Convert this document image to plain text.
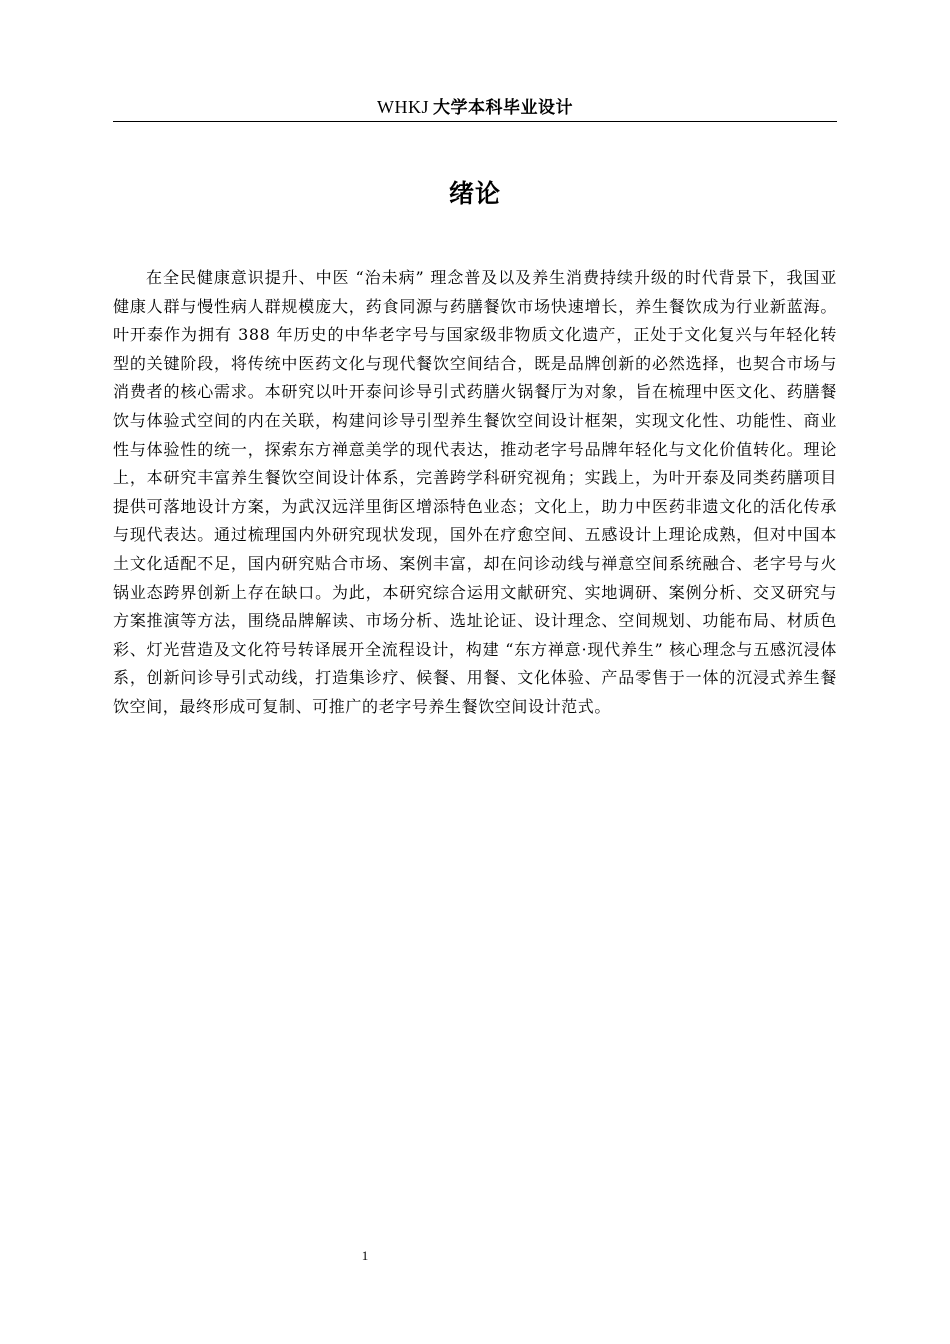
WHKJ 大学本科毕业设计
绪论

在全民健康意识提升、中医 “治未病” 理念普及以及养生消费持续升级的时代背景下，我国亚健康人群与慢性病人群规模庞大，药食同源与药膳餐饮市场快速增长，养生餐饮成为行业新蓝海。叶开泰作为拥有 388 年历史的中华老字号与国家级非物质文化遗产，正处于文化复兴与年轻化转型的关键阶段，将传统中医药文化与现代餐饮空间结合，既是品牌创新的必然选择，也契合市场与消费者的核心需求。本研究以叶开泰问诊导引式药膳火锅餐厅为对象，旨在梳理中医文化、药膳餐饮与体验式空间的内在关联，构建问诊导引型养生餐饮空间设计框架，实现文化性、功能性、商业性与体验性的统一，探索东方禅意美学的现代表达，推动老字号品牌年轻化与文化价值转化。理论上，本研究丰富养生餐饮空间设计体系，完善跨学科研究视角；实践上，为叶开泰及同类药膳项目提供可落地设计方案，为武汉远洋里街区增添特色业态；文化上，助力中医药非遗文化的活化传承与现代表达。通过梳理国内外研究现状发现，国外在疗愈空间、五感设计上理论成熟，但对中国本土文化适配不足，国内研究贴合市场、案例丰富，却在问诊动线与禅意空间系统融合、老字号与火锅业态跨界创新上存在缺口。为此，本研究综合运用文献研究、实地调研、案例分析、交叉研究与方案推演等方法，围绕品牌解读、市场分析、选址论证、设计理念、空间规划、功能布局、材质色彩、灯光营造及文化符号转译展开全流程设计，构建 “东方禅意·现代养生” 核心理念与五感沉浸体系，创新问诊导引式动线，打造集诊疗、候餐、用餐、文化体验、产品零售于一体的沉浸式养生餐饮空间，最终形成可复制、可推广的老字号养生餐饮空间设计范式。

1
